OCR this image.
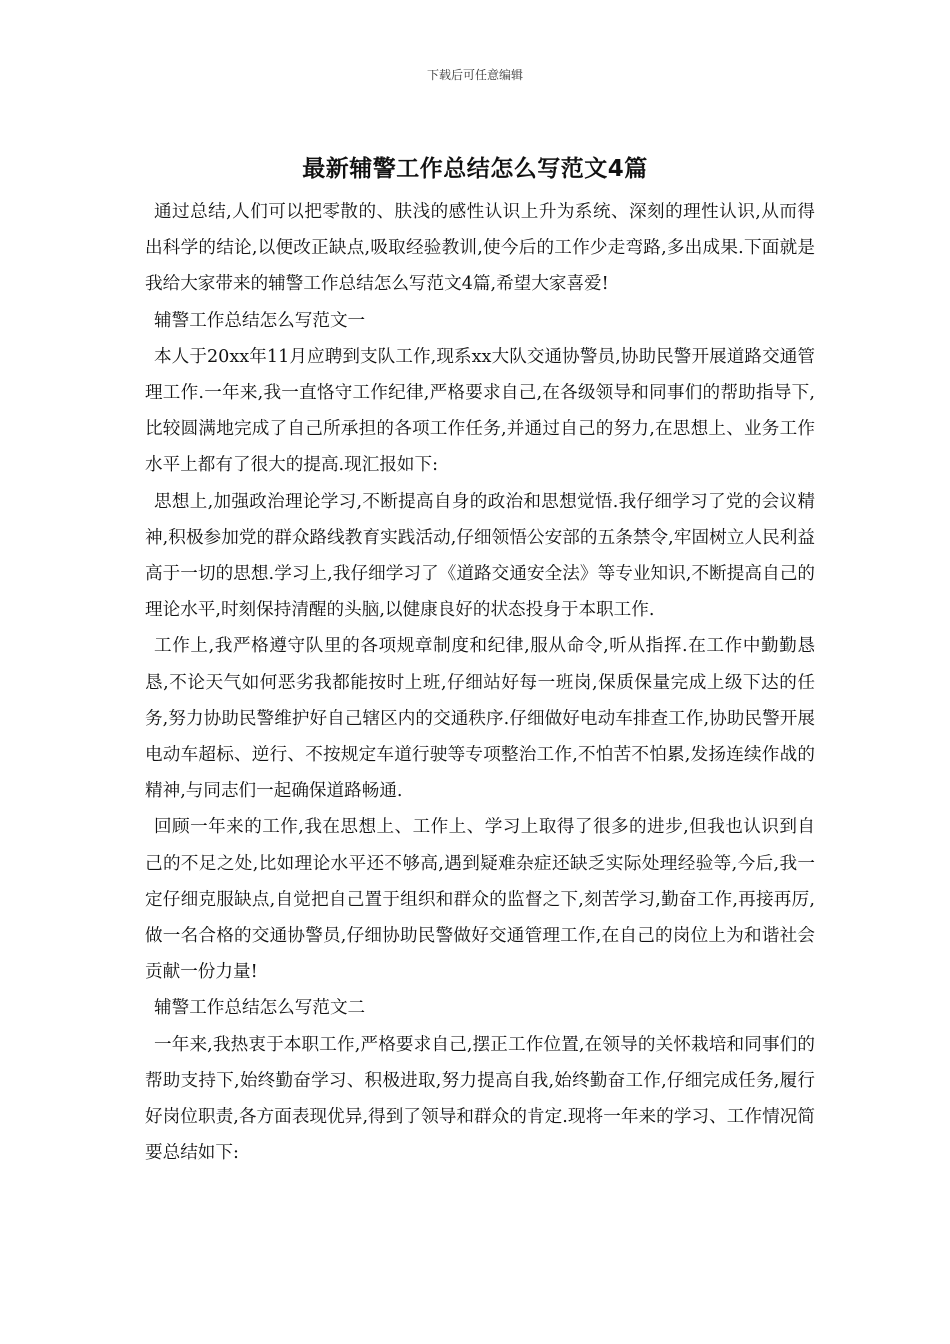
下载后可任意编辑
最新辅警工作总结怎么写范文4篇

通过总结,人们可以把零散的、肤浅的感性认识上升为系统、深刻的理性认识,从而得出科学的结论,以便改正缺点,吸取经验教训,使今后的工作少走弯路,多出成果.下面就是我给大家带来的辅警工作总结怎么写范文4篇,希望大家喜爱!

辅警工作总结怎么写范文一

本人于20xx年11月应聘到支队工作,现系xx大队交通协警员,协助民警开展道路交通管理工作.一年来,我一直恪守工作纪律,严格要求自己,在各级领导和同事们的帮助指导下,比较圆满地完成了自己所承担的各项工作任务,并通过自己的努力,在思想上、业务工作水平上都有了很大的提高.现汇报如下:

思想上,加强政治理论学习,不断提高自身的政治和思想觉悟.我仔细学习了党的会议精神,积极参加党的群众路线教育实践活动,仔细领悟公安部的五条禁令,牢固树立人民利益高于一切的思想.学习上,我仔细学习了《道路交通安全法》等专业知识,不断提高自己的理论水平,时刻保持清醒的头脑,以健康良好的状态投身于本职工作.

工作上,我严格遵守队里的各项规章制度和纪律,服从命令,听从指挥.在工作中勤勤恳恳,不论天气如何恶劣我都能按时上班,仔细站好每一班岗,保质保量完成上级下达的任务,努力协助民警维护好自己辖区内的交通秩序.仔细做好电动车排查工作,协助民警开展电动车超标、逆行、不按规定车道行驶等专项整治工作,不怕苦不怕累,发扬连续作战的精神,与同志们一起确保道路畅通.

回顾一年来的工作,我在思想上、工作上、学习上取得了很多的进步,但我也认识到自己的不足之处,比如理论水平还不够高,遇到疑难杂症还缺乏实际处理经验等,今后,我一定仔细克服缺点,自觉把自己置于组织和群众的监督之下,刻苦学习,勤奋工作,再接再厉,做一名合格的交通协警员,仔细协助民警做好交通管理工作,在自己的岗位上为和谐社会贡献一份力量!

辅警工作总结怎么写范文二

一年来,我热衷于本职工作,严格要求自己,摆正工作位置,在领导的关怀栽培和同事们的帮助支持下,始终勤奋学习、积极进取,努力提高自我,始终勤奋工作,仔细完成任务,履行好岗位职责,各方面表现优异,得到了领导和群众的肯定.现将一年来的学习、工作情况简要总结如下:
